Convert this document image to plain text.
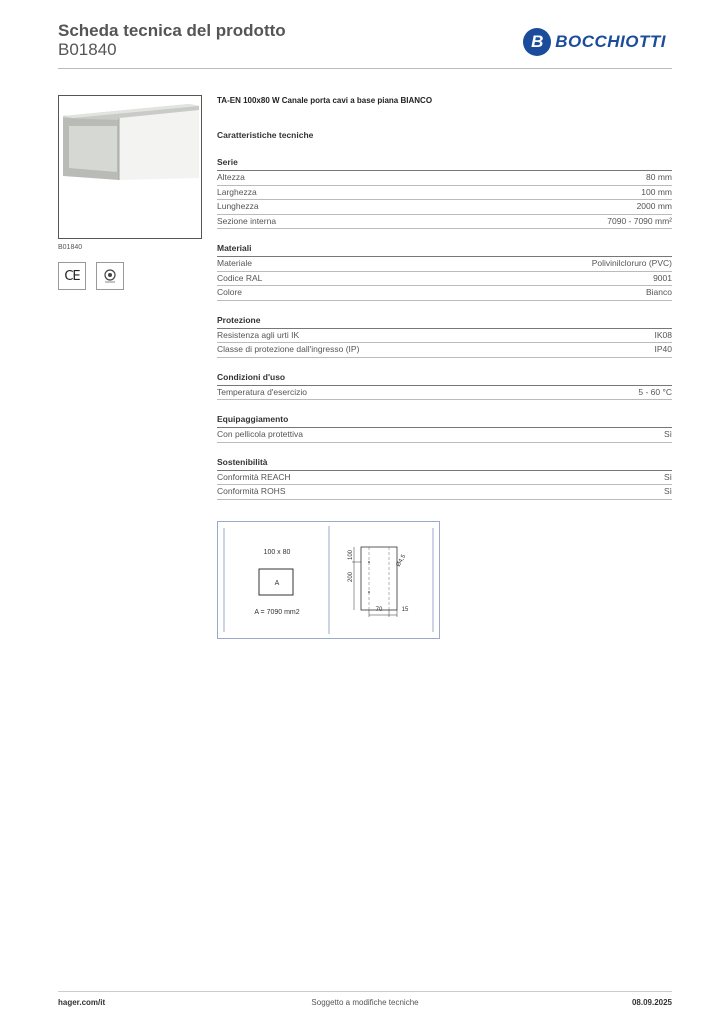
Scheda tecnica del prodotto
B01840	B BOCCHIOTTI
B01840
CE
TA-EN 100x80 W Canale porta cavi a base piana BIANCO
Caratteristiche tecniche
Serie
Altezza	80 mm
Larghezza	100 mm
Lunghezza	2000 mm
Sezione interna	7090 - 7090 mm²
Materiali
Materiale	Polivinilcloruro (PVC)
Codice RAL	9001
Colore	Bianco
Protezione
Resistenza agli urti IK	IK08
Classe di protezione dall'ingresso (IP)	IP40
Condizioni d'uso
Temperatura d'esercizio	5 - 60 °C
Equipaggiamento
Con pellicola protettiva	Sì
Sostenibilità
Conformità REACH	Sì
Conformità ROHS	Sì
100 x 80
A
A = 7090 mm2
100
200
Ø4,5
70	15
hager.com/it	Soggetto a modifiche tecniche	08.09.2025
